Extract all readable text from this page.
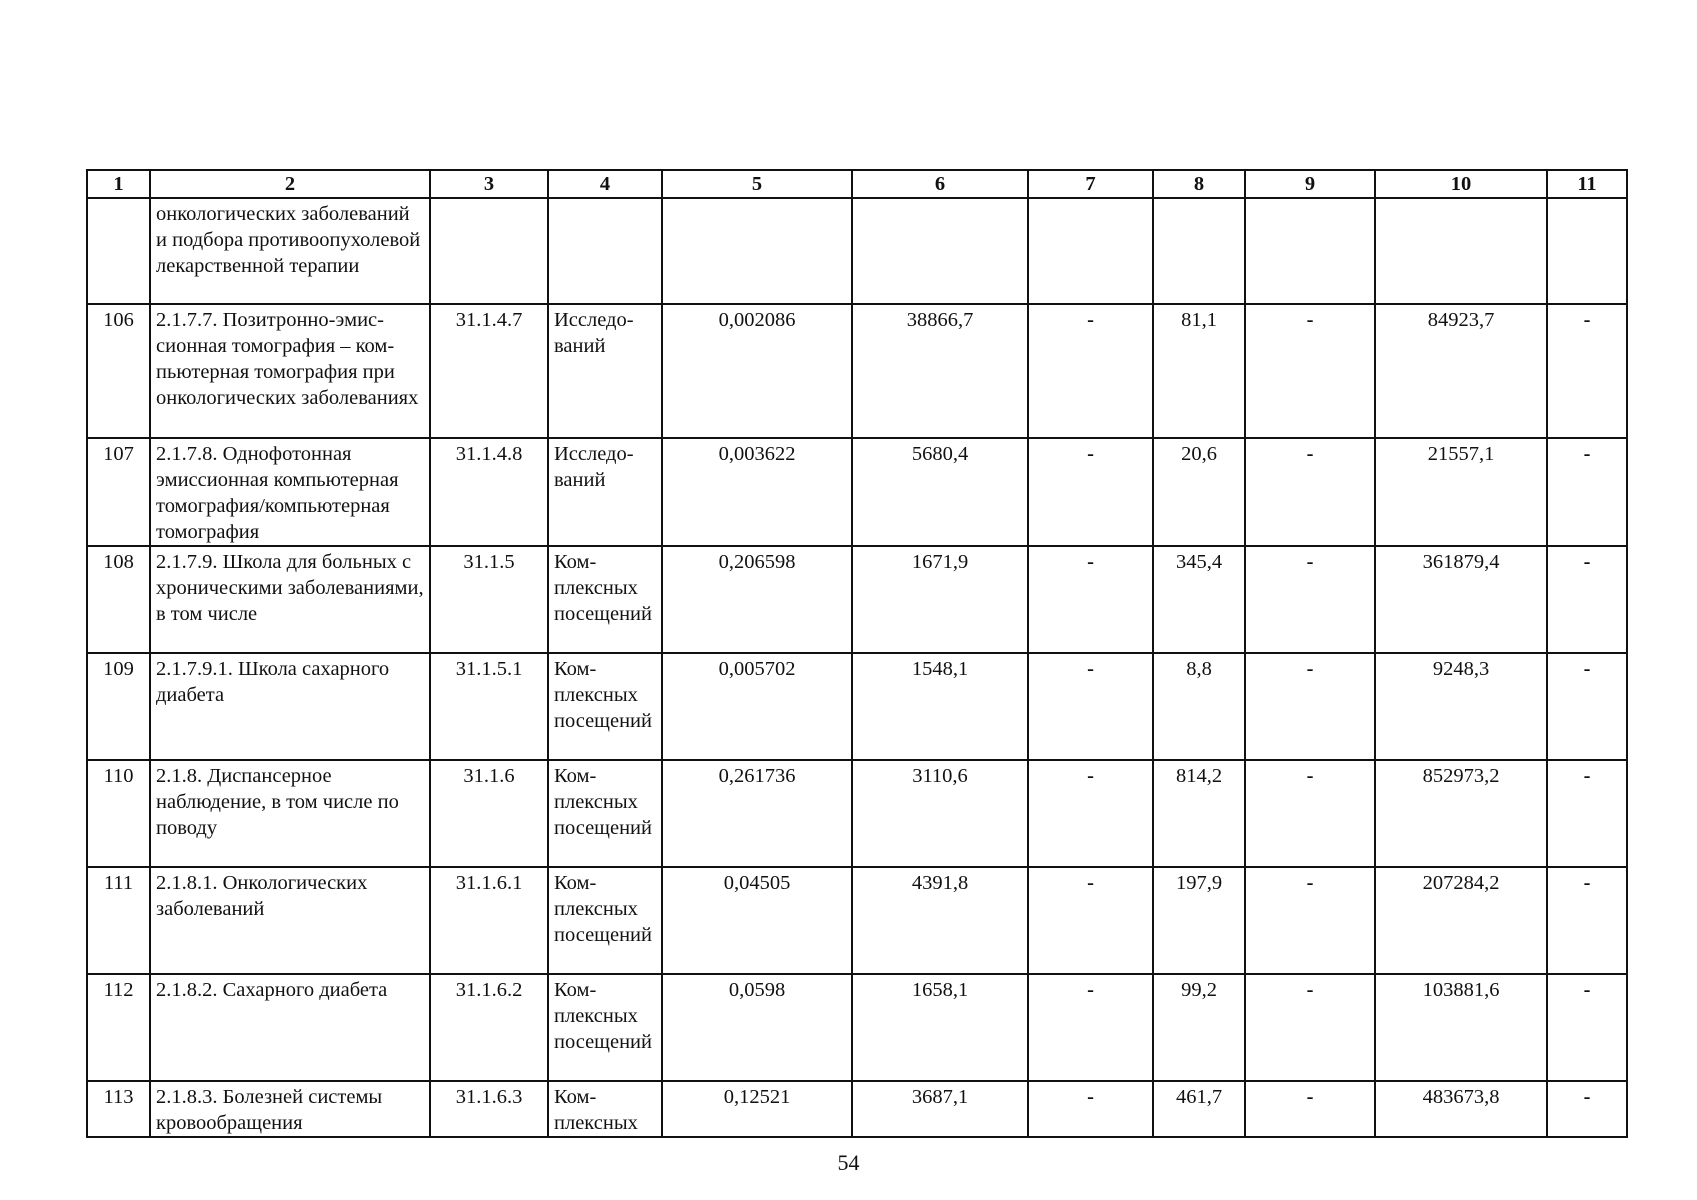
1	2	3	4	5	6	7	8	9	10	11
	онкологических заболеваний и подбора противоопухолевой лекарственной терапии									
106	2.1.7.7. Позитронно-эмиссионная томография – компьютерная томография при онкологических заболеваниях	31.1.4.7	Исследований	0,002086	38866,7	-	81,1	-	84923,7	-
107	2.1.7.8. Однофотонная эмиссионная компьютерная томография/компьютерная томография	31.1.4.8	Исследований	0,003622	5680,4	-	20,6	-	21557,1	-
108	2.1.7.9. Школа для больных с хроническими заболеваниями, в том числе	31.1.5	Комплексных посещений	0,206598	1671,9	-	345,4	-	361879,4	-
109	2.1.7.9.1. Школа сахарного диабета	31.1.5.1	Комплексных посещений	0,005702	1548,1	-	8,8	-	9248,3	-
110	2.1.8. Диспансерное наблюдение, в том числе по поводу	31.1.6	Комплексных посещений	0,261736	3110,6	-	814,2	-	852973,2	-
111	2.1.8.1. Онкологических заболеваний	31.1.6.1	Комплексных посещений	0,04505	4391,8	-	197,9	-	207284,2	-
112	2.1.8.2. Сахарного диабета	31.1.6.2	Комплексных посещений	0,0598	1658,1	-	99,2	-	103881,6	-
113	2.1.8.3. Болезней системы кровообращения	31.1.6.3	Комплексных	0,12521	3687,1	-	461,7	-	483673,8	-
54
